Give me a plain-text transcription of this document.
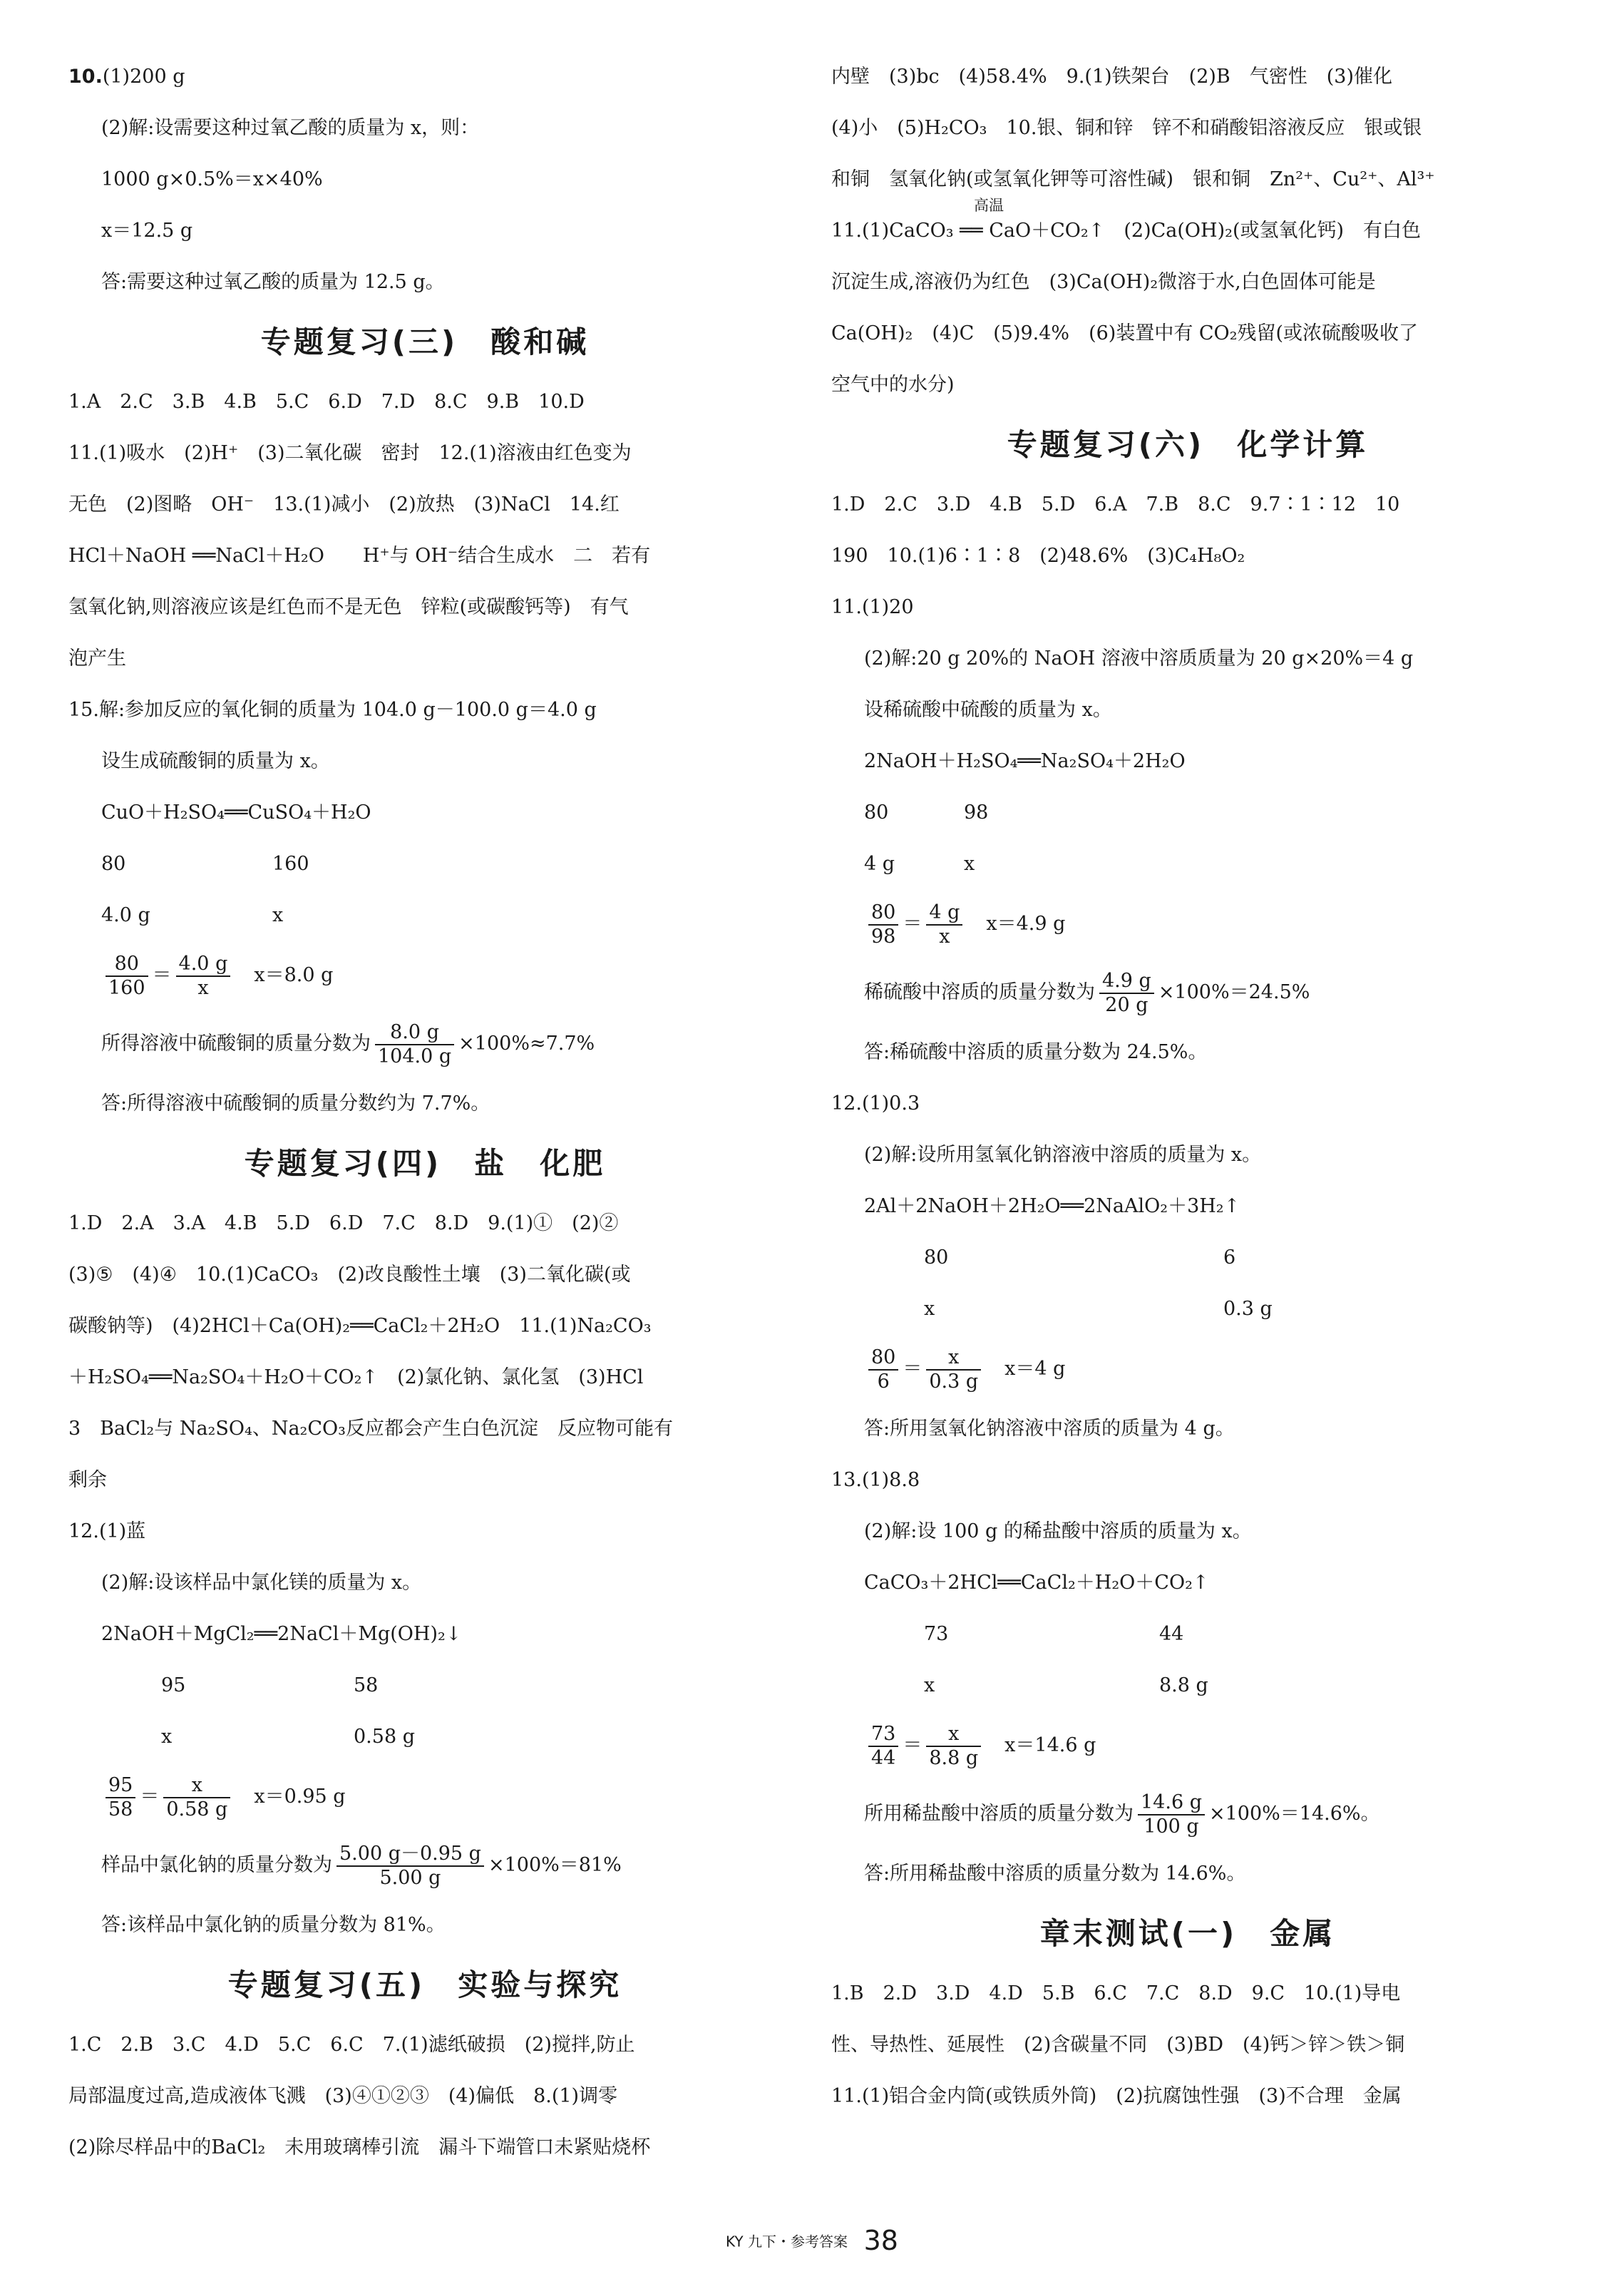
10.(1)200 g
(2)解:设需要这种过氧乙酸的质量为 x，则：
1000 g×0.5%＝x×40%
x＝12.5 g
答:需要这种过氧乙酸的质量为 12.5 g。
专题复习(三)　酸和碱
1.A　2.C　3.B　4.B　5.C　6.D　7.D　8.C　9.B　10.D
11.(1)吸水　(2)H⁺　(3)二氧化碳　密封　12.(1)溶液由红色变为
无色　(2)图略　OH⁻　13.(1)减小　(2)放热　(3)NaCl　14.红
HCl＋NaOH ══NaCl＋H₂O　　H⁺与 OH⁻结合生成水　二　若有
氢氧化钠,则溶液应该是红色而不是无色　锌粒(或碳酸钙等)　有气
泡产生
15.解:参加反应的氧化铜的质量为 104.0 g－100.0 g＝4.0 g
设生成硫酸铜的质量为 x。
CuO＋H₂SO₄══CuSO₄＋H₂O
80	160
4.0 g	x
$\frac{80}{160} = \frac{4.0 g}{x}$
　 x＝8.0 g
所得溶液中硫酸铜的质量分数为 $\frac{8.0 g}{104.0 g} \times 100\%\approx 7.7\%$
答:所得溶液中硫酸铜的质量分数约为 7.7%。
专题复习(四)　盐　化肥
1.D　2.A　3.A　4.B　5.D　6.D　7.C　8.D　9.(1)①　(2)②
(3)⑤　(4)④　10.(1)CaCO₃　(2)改良酸性土壤　(3)二氧化碳(或
碳酸钠等)　(4)2HCl＋Ca(OH)₂══CaCl₂＋2H₂O　11.(1)Na₂CO₃
＋H₂SO₄══Na₂SO₄＋H₂O＋CO₂↑　(2)氯化钠、氯化氢　(3)HCl
3　BaCl₂与 Na₂SO₄、Na₂CO₃反应都会产生白色沉淀　反应物可能有
剩余
12.(1)蓝
(2)解:设该样品中氯化镁的质量为 x。
2NaOH＋MgCl₂══2NaCl＋Mg(OH)₂↓
95	58
x	0.58 g
$\frac{95}{58} = \frac{x}{0.58 g}$
　 x＝0.95 g
样品中氯化钠的质量分数为 $\frac{5.00 g-0.95 g}{5.00 g} \times 100\%=81\%$
答:该样品中氯化钠的质量分数为 81%。
专题复习(五)　实验与探究
1.C　2.B　3.C　4.D　5.C　6.C　7.(1)滤纸破损　(2)搅拌,防止
局部温度过高,造成液体飞溅　(3)④①②③　(4)偏低　8.(1)调零
(2)除尽样品中的BaCl₂　未用玻璃棒引流　漏斗下端管口未紧贴烧杯
内壁　(3)bc　(4)58.4%　9.(1)铁架台　(2)B　气密性　(3)催化
(4)小　(5)H₂CO₃　10.银、铜和锌　锌不和硝酸铝溶液反应　银或银
和铜　氢氧化钠(或氢氧化钾等可溶性碱)　银和铜　Zn²⁺、Cu²⁺、Al³⁺
高温
11.(1)CaCO₃ ══ CaO＋CO₂↑　(2)Ca(OH)₂(或氢氧化钙)　有白色
沉淀生成,溶液仍为红色　(3)Ca(OH)₂微溶于水,白色固体可能是
Ca(OH)₂　(4)C　(5)9.4%　(6)装置中有 CO₂残留(或浓硫酸吸收了
空气中的水分)
专题复习(六)　化学计算
1.D　2.C　3.D　4.B　5.D　6.A　7.B　8.C　9.7∶1∶12　10
190　10.(1)6∶1∶8　(2)48.6%　(3)C₄H₈O₂
11.(1)20
(2)解:20 g 20%的 NaOH 溶液中溶质质量为 20 g×20%＝4 g
设稀硫酸中硫酸的质量为 x。
2NaOH＋H₂SO₄══Na₂SO₄＋2H₂O
80	98
4 g	x
$\frac{80}{98} = \frac{4 g}{x}$
　 x＝4.9 g
稀硫酸中溶质的质量分数为 $\frac{4.9 g}{20 g} \times 100\%=24.5\%$
答:稀硫酸中溶质的质量分数为 24.5%。
12.(1)0.3
(2)解:设所用氢氧化钠溶液中溶质的质量为 x。
2Al＋2NaOH＋2H₂O══2NaAlO₂＋3H₂↑
80	6
x	0.3 g
$\frac{80}{6} = \frac{x}{0.3 g}$
　 x＝4 g
答:所用氢氧化钠溶液中溶质的质量为 4 g。
13.(1)8.8
(2)解:设 100 g 的稀盐酸中溶质的质量为 x。
CaCO₃＋2HCl══CaCl₂＋H₂O＋CO₂↑
73	44
x	8.8 g
$\frac{73}{44} = \frac{x}{8.8 g}$
　 x＝14.6 g
所用稀盐酸中溶质的质量分数为 $\frac{14.6 g}{100 g} \times 100\%=14.6\%$。
答:所用稀盐酸中溶质的质量分数为 14.6%。
章末测试(一)　金属
1.B　2.D　3.D　4.D　5.B　6.C　7.C　8.D　9.C　10.(1)导电
性、导热性、延展性　(2)含碳量不同　(3)BD　(4)钙＞锌＞铁＞铜
11.(1)铝合金内筒(或铁质外筒)　(2)抗腐蚀性强　(3)不合理　金属
KY 九下・参考答案 38
